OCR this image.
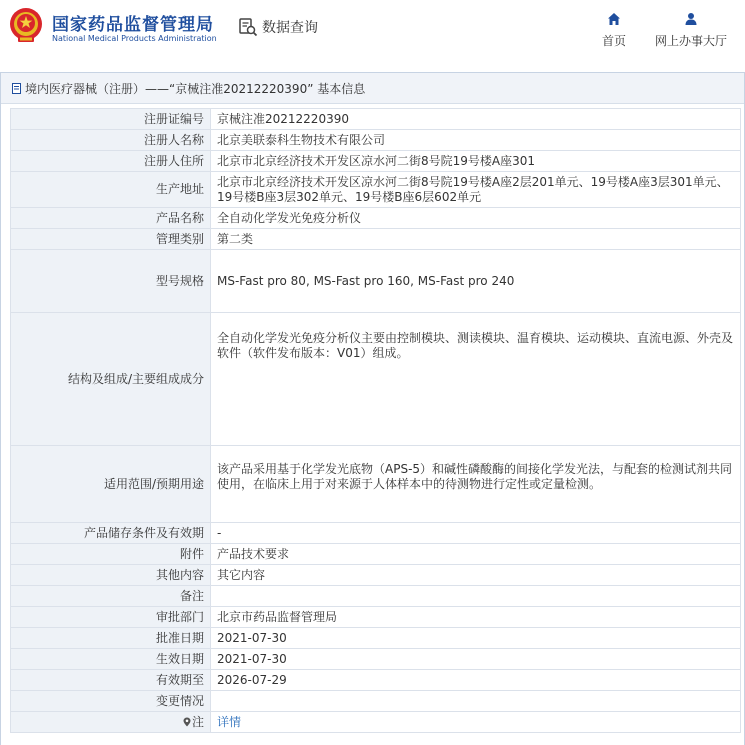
国家药品监督管理局
National Medical Products Administration
数据查询
首页	网上办事大厅
境内医疗器械（注册）——“京械注准20212220390” 基本信息
注册证编号	京械注准20212220390
注册人名称	北京美联泰科生物技术有限公司
注册人住所	北京市北京经济技术开发区凉水河二街8号院19号楼A座301
生产地址	北京市北京经济技术开发区凉水河二街8号院19号楼A座2层201单元、19号楼A座3层301单元、19号楼B座3层302单元、19号楼B座6层602单元
产品名称	全自动化学发光免疫分析仪
管理类别	第二类
型号规格	MS-Fast pro 80, MS-Fast pro 160, MS-Fast pro 240
结构及组成/主要组成成分	全自动化学发光免疫分析仪主要由控制模块、测读模块、温育模块、运动模块、直流电源、外壳及软件（软件发布版本：V01）组成。
适用范围/预期用途	该产品采用基于化学发光底物（APS-5）和碱性磷酸酶的间接化学发光法，与配套的检测试剂共同使用，在临床上用于对来源于人体样本中的待测物进行定性或定量检测。
产品储存条件及有效期	-
附件	产品技术要求
其他内容	其它内容
备注	
审批部门	北京市药品监督管理局
批准日期	2021-07-30
生效日期	2021-07-30
有效期至	2026-07-29
变更情况	
注	详情
